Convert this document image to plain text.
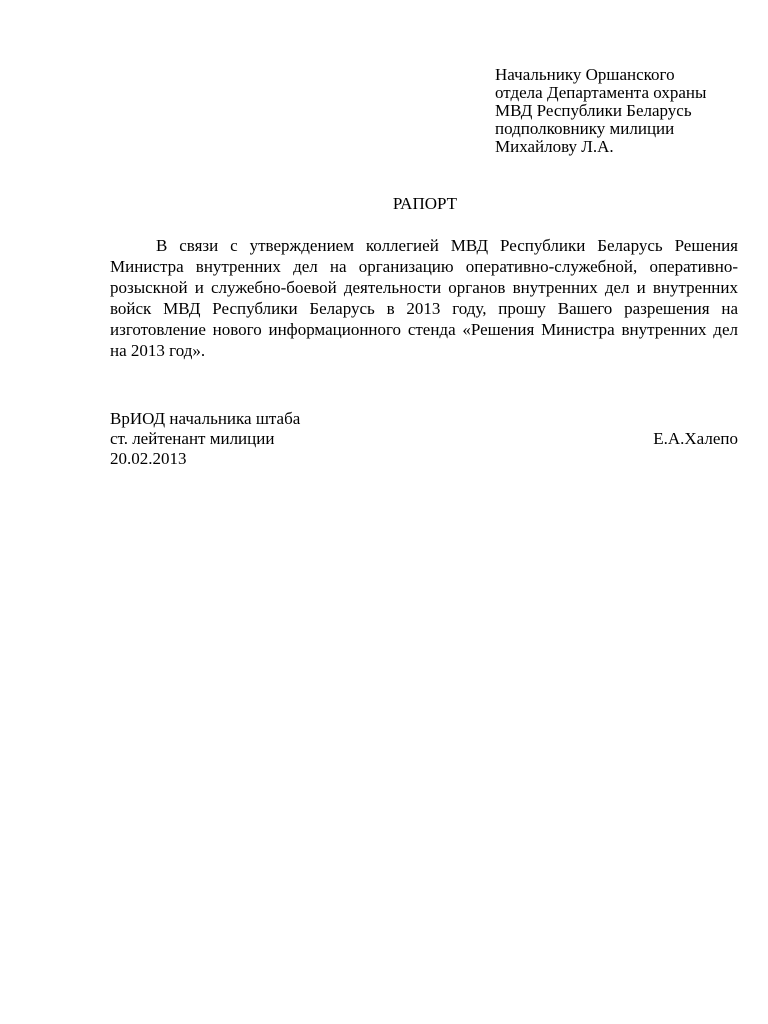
Начальнику Оршанского
отдела Департамента охраны
МВД Республики Беларусь
подполковнику милиции
Михайлову Л.А.
РАПОРТ

В связи с утверждением коллегией МВД Республики Беларусь Решения Министра внутренних дел на организацию оперативно-служебной, оперативно-розыскной и служебно-боевой деятельности органов внутренних дел и внутренних войск МВД Республики Беларусь в 2013 году, прошу Вашего разрешения на изготовление нового информационного стенда «Решения Министра внутренних дел на 2013 год».

ВрИОД начальника штаба
ст. лейтенант милиции	Е.А.Халепо
20.02.2013
